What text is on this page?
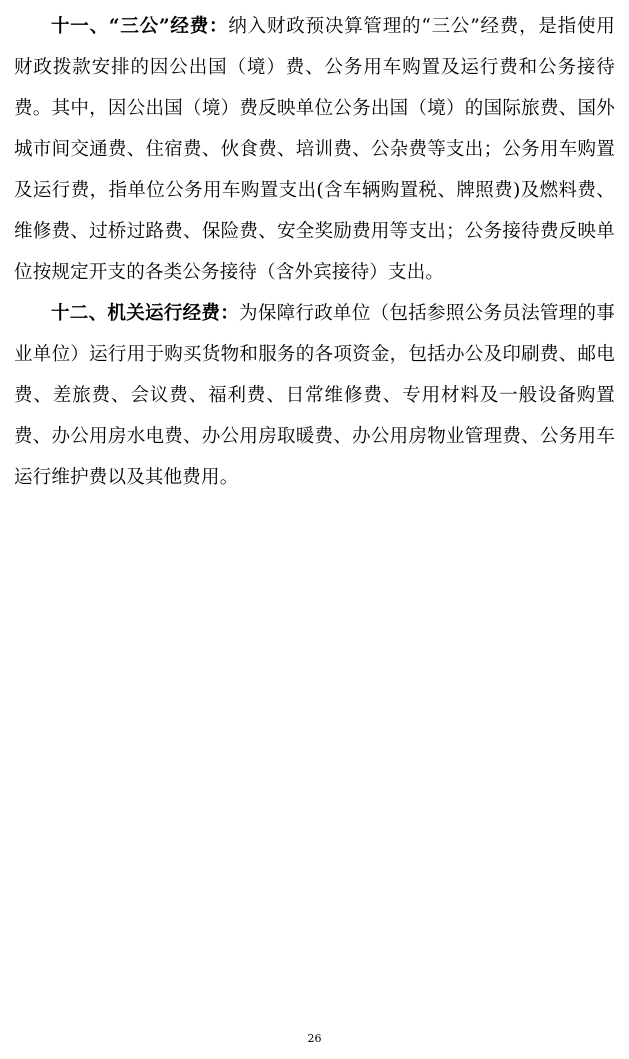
十一、“三公”经费：纳入财政预决算管理的“三公”经费，是指使用财政拨款安排的因公出国（境）费、公务用车购置及运行费和公务接待费。其中，因公出国（境）费反映单位公务出国（境）的国际旅费、国外城市间交通费、住宿费、伙食费、培训费、公杂费等支出；公务用车购置及运行费，指单位公务用车购置支出(含车辆购置税、牌照费)及燃料费、维修费、过桥过路费、保险费、安全奖励费用等支出；公务接待费反映单位按规定开支的各类公务接待（含外宾接待）支出。

十二、机关运行经费：为保障行政单位（包括参照公务员法管理的事业单位）运行用于购买货物和服务的各项资金，包括办公及印刷费、邮电费、差旅费、会议费、福利费、日常维修费、专用材料及一般设备购置费、办公用房水电费、办公用房取暖费、办公用房物业管理费、公务用车运行维护费以及其他费用。

26
